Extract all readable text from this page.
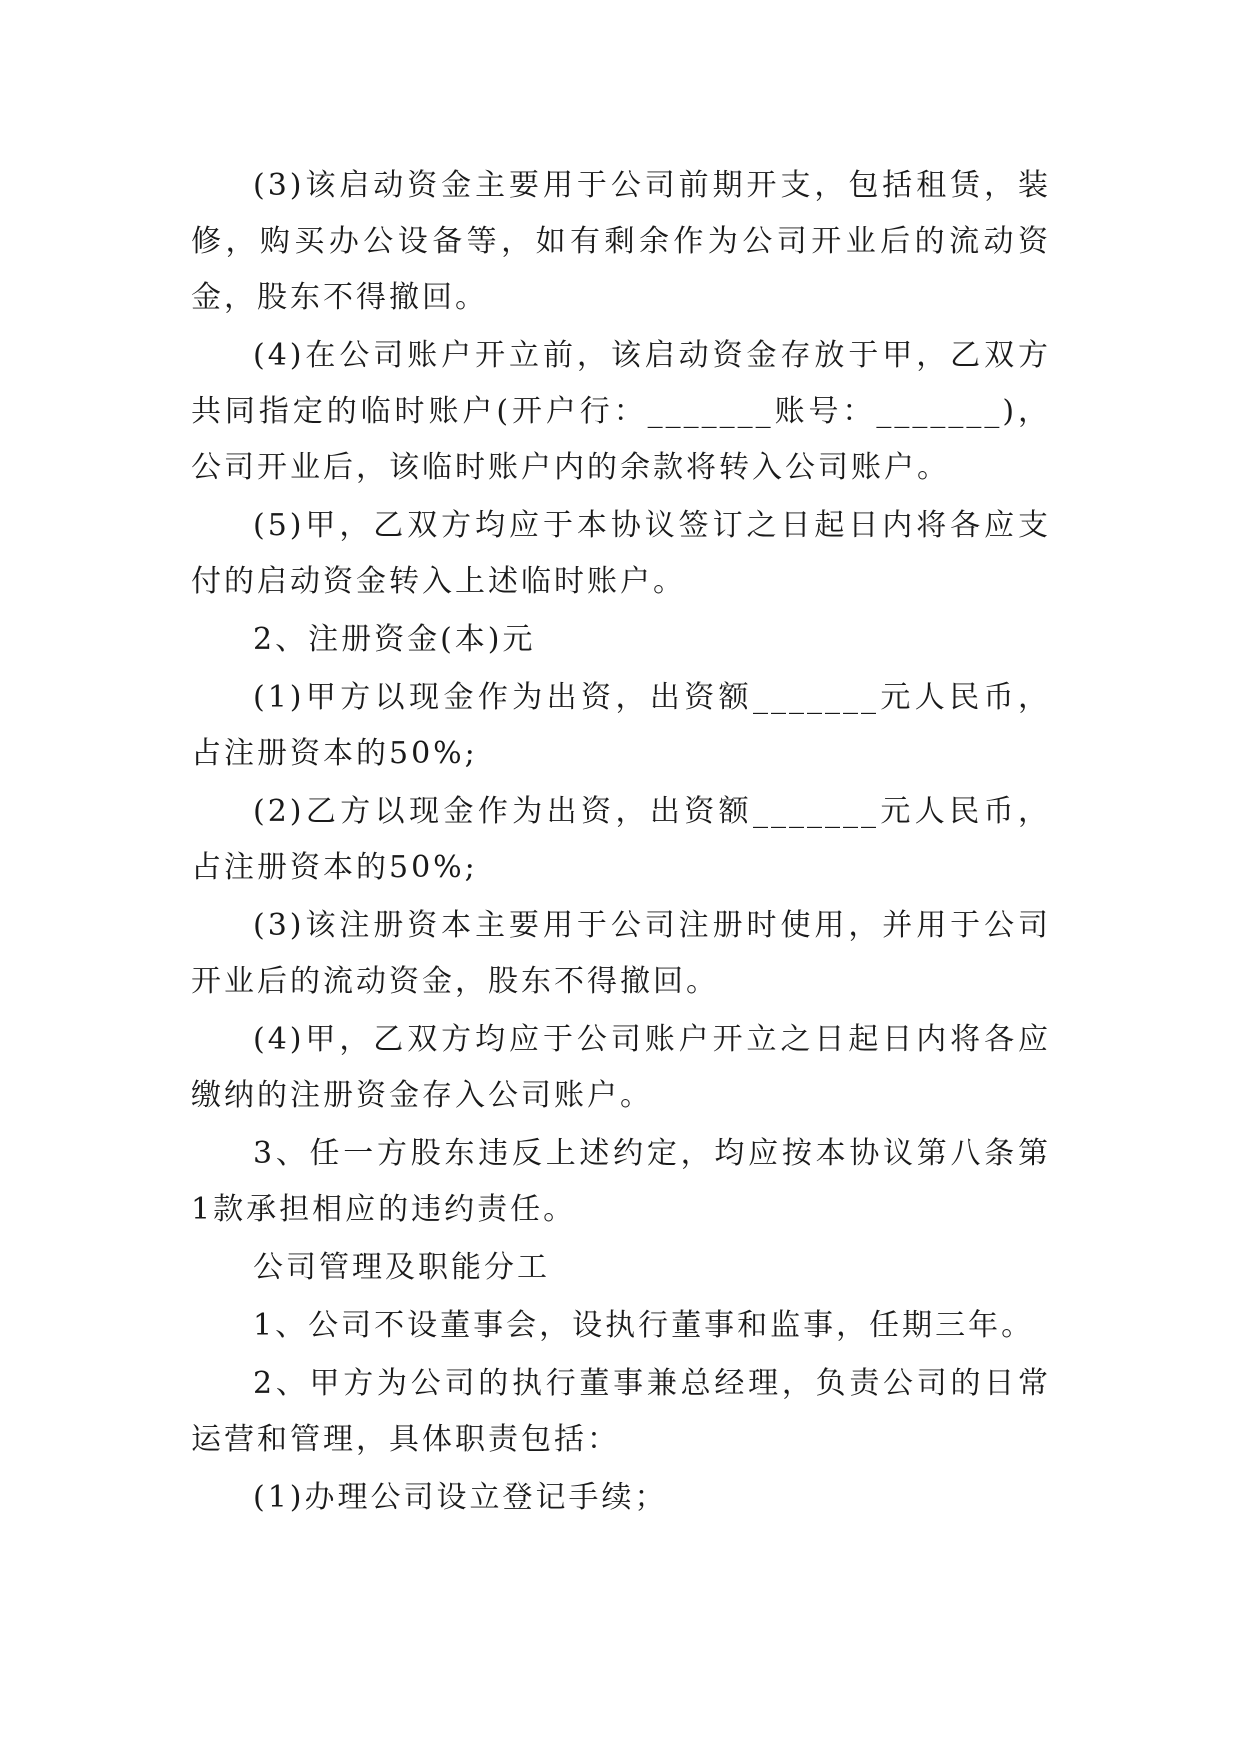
(3)该启动资金主要用于公司前期开支，包括租赁，装修，购买办公设备等，如有剩余作为公司开业后的流动资金，股东不得撤回。

(4)在公司账户开立前，该启动资金存放于甲，乙双方共同指定的临时账户(开户行：_______账号：_______)，公司开业后，该临时账户内的余款将转入公司账户。

(5)甲，乙双方均应于本协议签订之日起日内将各应支付的启动资金转入上述临时账户。

2、注册资金(本)元

(1)甲方以现金作为出资，出资额_______元人民币，占注册资本的50%;

(2)乙方以现金作为出资，出资额_______元人民币，占注册资本的50%;

(3)该注册资本主要用于公司注册时使用，并用于公司开业后的流动资金，股东不得撤回。

(4)甲，乙双方均应于公司账户开立之日起日内将各应缴纳的注册资金存入公司账户。

3、任一方股东违反上述约定，均应按本协议第八条第1款承担相应的违约责任。

公司管理及职能分工

1、公司不设董事会，设执行董事和监事，任期三年。

2、甲方为公司的执行董事兼总经理，负责公司的日常运营和管理，具体职责包括：

(1)办理公司设立登记手续；
